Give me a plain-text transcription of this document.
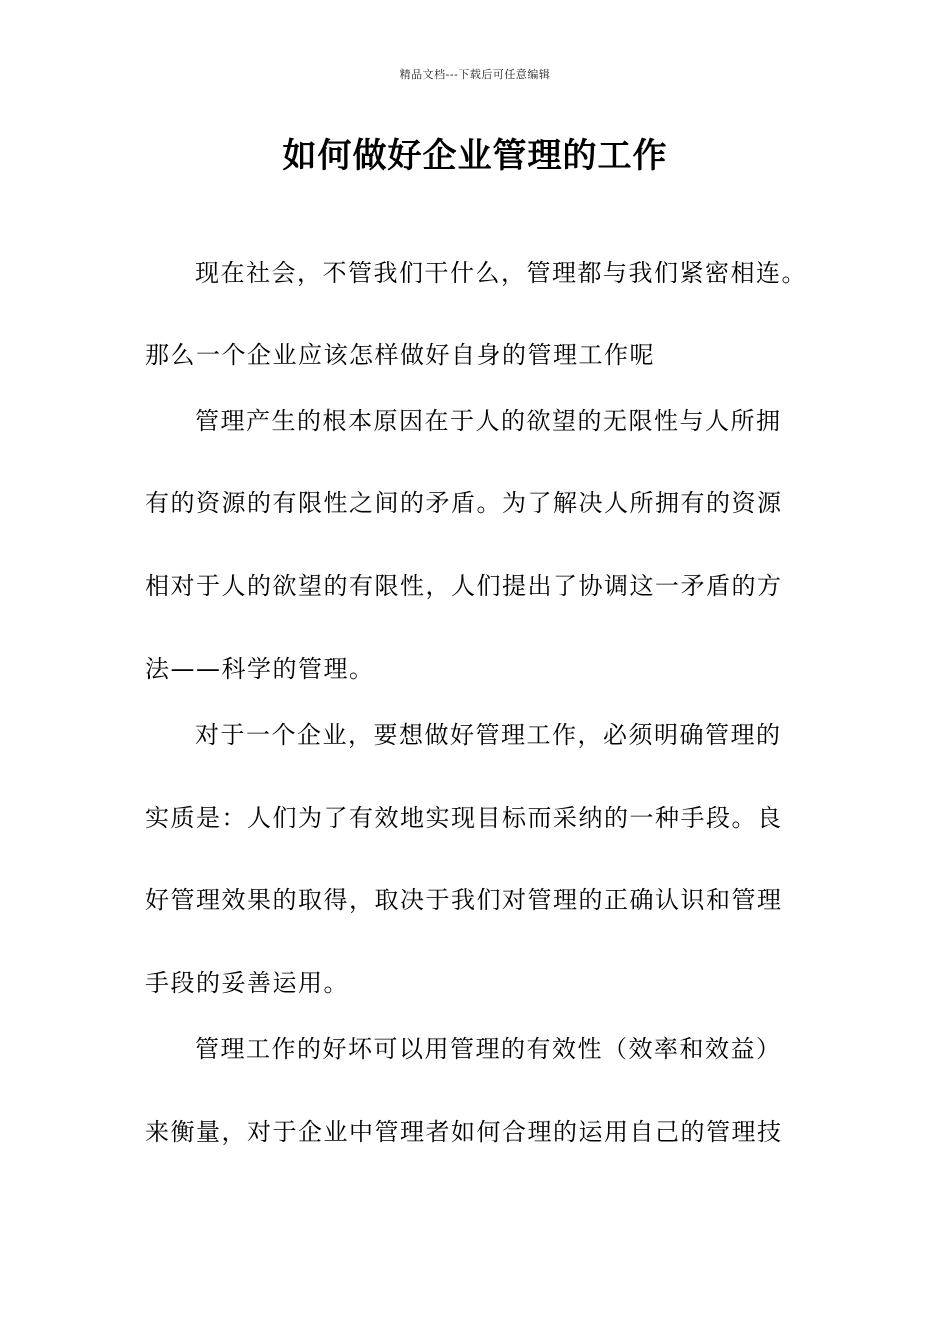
精品文档---下载后可任意编辑
如何做好企业管理的工作
现在社会，不管我们干什么，管理都与我们紧密相连。
那么一个企业应该怎样做好自身的管理工作呢
管理产生的根本原因在于人的欲望的无限性与人所拥
有的资源的有限性之间的矛盾。为了解决人所拥有的资源
相对于人的欲望的有限性，人们提出了协调这一矛盾的方
法——科学的管理。
对于一个企业，要想做好管理工作，必须明确管理的
实质是：人们为了有效地实现目标而采纳的一种手段。良
好管理效果的取得，取决于我们对管理的正确认识和管理
手段的妥善运用。
管理工作的好坏可以用管理的有效性（效率和效益）
来衡量，对于企业中管理者如何合理的运用自己的管理技
